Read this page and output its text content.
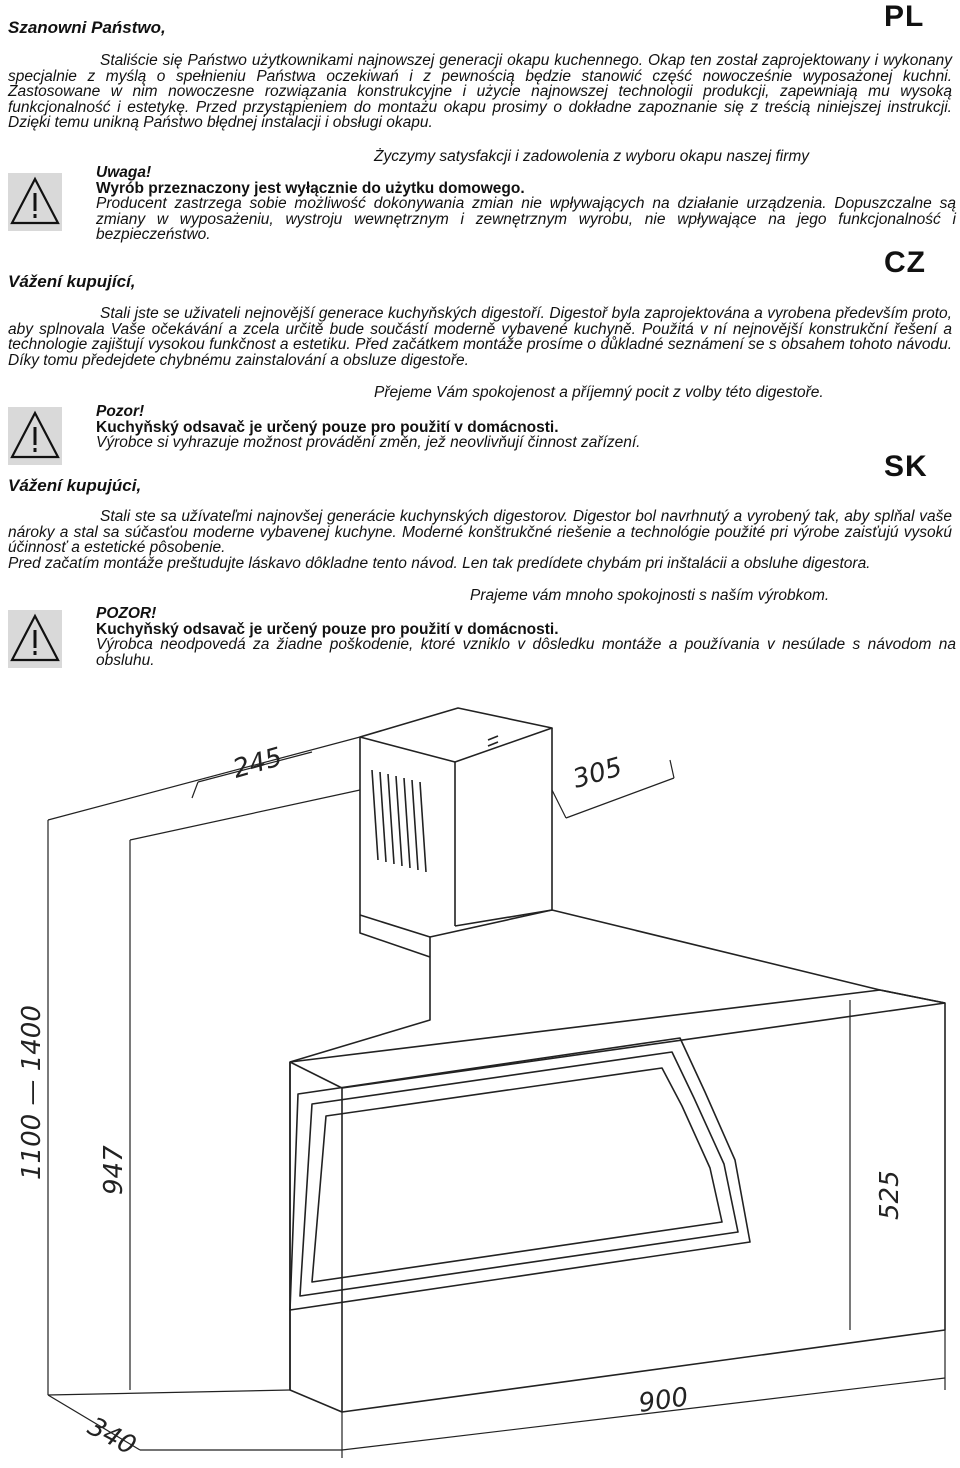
Szanowni Państwo,	PL
Staliście się Państwo użytkownikami najnowszej generacji okapu kuchennego. Okap ten został zaprojektowany i wykonany specjalnie z myślą o spełnieniu Państwa oczekiwań i z pewnością będzie stanowić część nowocześnie wyposażonej kuchni. Zastosowane w nim nowoczesne rozwiązania konstrukcyjne i użycie najnowszej technologii produkcji, zapewniają mu wysoką funkcjonalność i estetykę. Przed przystąpieniem do montażu okapu prosimy o dokładne zapoznanie się z treścią niniejszej instrukcji. Dzięki temu unikną Państwo błędnej instalacji i obsługi okapu.
Życzymy satysfakcji i zadowolenia z wyboru okapu naszej firmy
Uwaga!
Wyrób przeznaczony jest wyłącznie do użytku domowego.
Producent zastrzega sobie możliwość dokonywania zmian nie wpływających na działanie urządzenia. Dopuszczalne są zmiany w wyposażeniu, wystroju wewnętrznym i zewnętrznym wyrobu, nie wpływające na jego funkcjonalność i bezpieczeństwo.
Vážení kupující,
CZ
Stali jste se uživateli nejnovější generace kuchyňských digestoří. Digestoř byla zaprojektována a vyrobena především proto, aby splnovala Vaše očekávání a zcela určitě bude součástí moderně vybavené kuchyně. Použitá v ní nejnovější konstrukční řešení a technologie zajištují vysokou funkčnost a estetiku. Před začátkem montáže prosíme o důkladné seznámení se s obsahem tohoto návodu. Díky tomu předejdete chybnému zainstalování a obsluze digestoře.
Přejeme Vám spokojenost a příjemný pocit z volby této digestoře.
Pozor!
Kuchyňský odsavač je určený pouze pro použití v domácnosti.
Výrobce si vyhrazuje možnost provádění změn, jež neovlivňují činnost zařízení.
Vážení kupujúci,
SK
Stali ste sa užívateľmi najnovšej generácie kuchynských digestorov. Digestor bol navrhnutý a vyrobený tak, aby splňal vaše nároky a stal sa súčasťou moderne vybavenej kuchyne. Moderné konštrukčné riešenie a technológie použité pri výrobe zaisťujú vysokú účinnosť a estetické pôsobenie.
Pred začatím montáže preštudujte láskavo dôkladne tento návod. Len tak predídete chybám pri inštalácii a obsluhe digestora.
Prajeme vám mnoho spokojnosti s naším výrobkom.
POZOR!
Kuchyňský odsavač je určený pouze pro použití v domácnosti.
Výrobca neodpovedá za žiadne poškodenie, ktoré vzniklo v dôsledku montáže a používania v nesúlade s návodom na obsluhu.
245	305
1100 — 1400 947
525
900
340
